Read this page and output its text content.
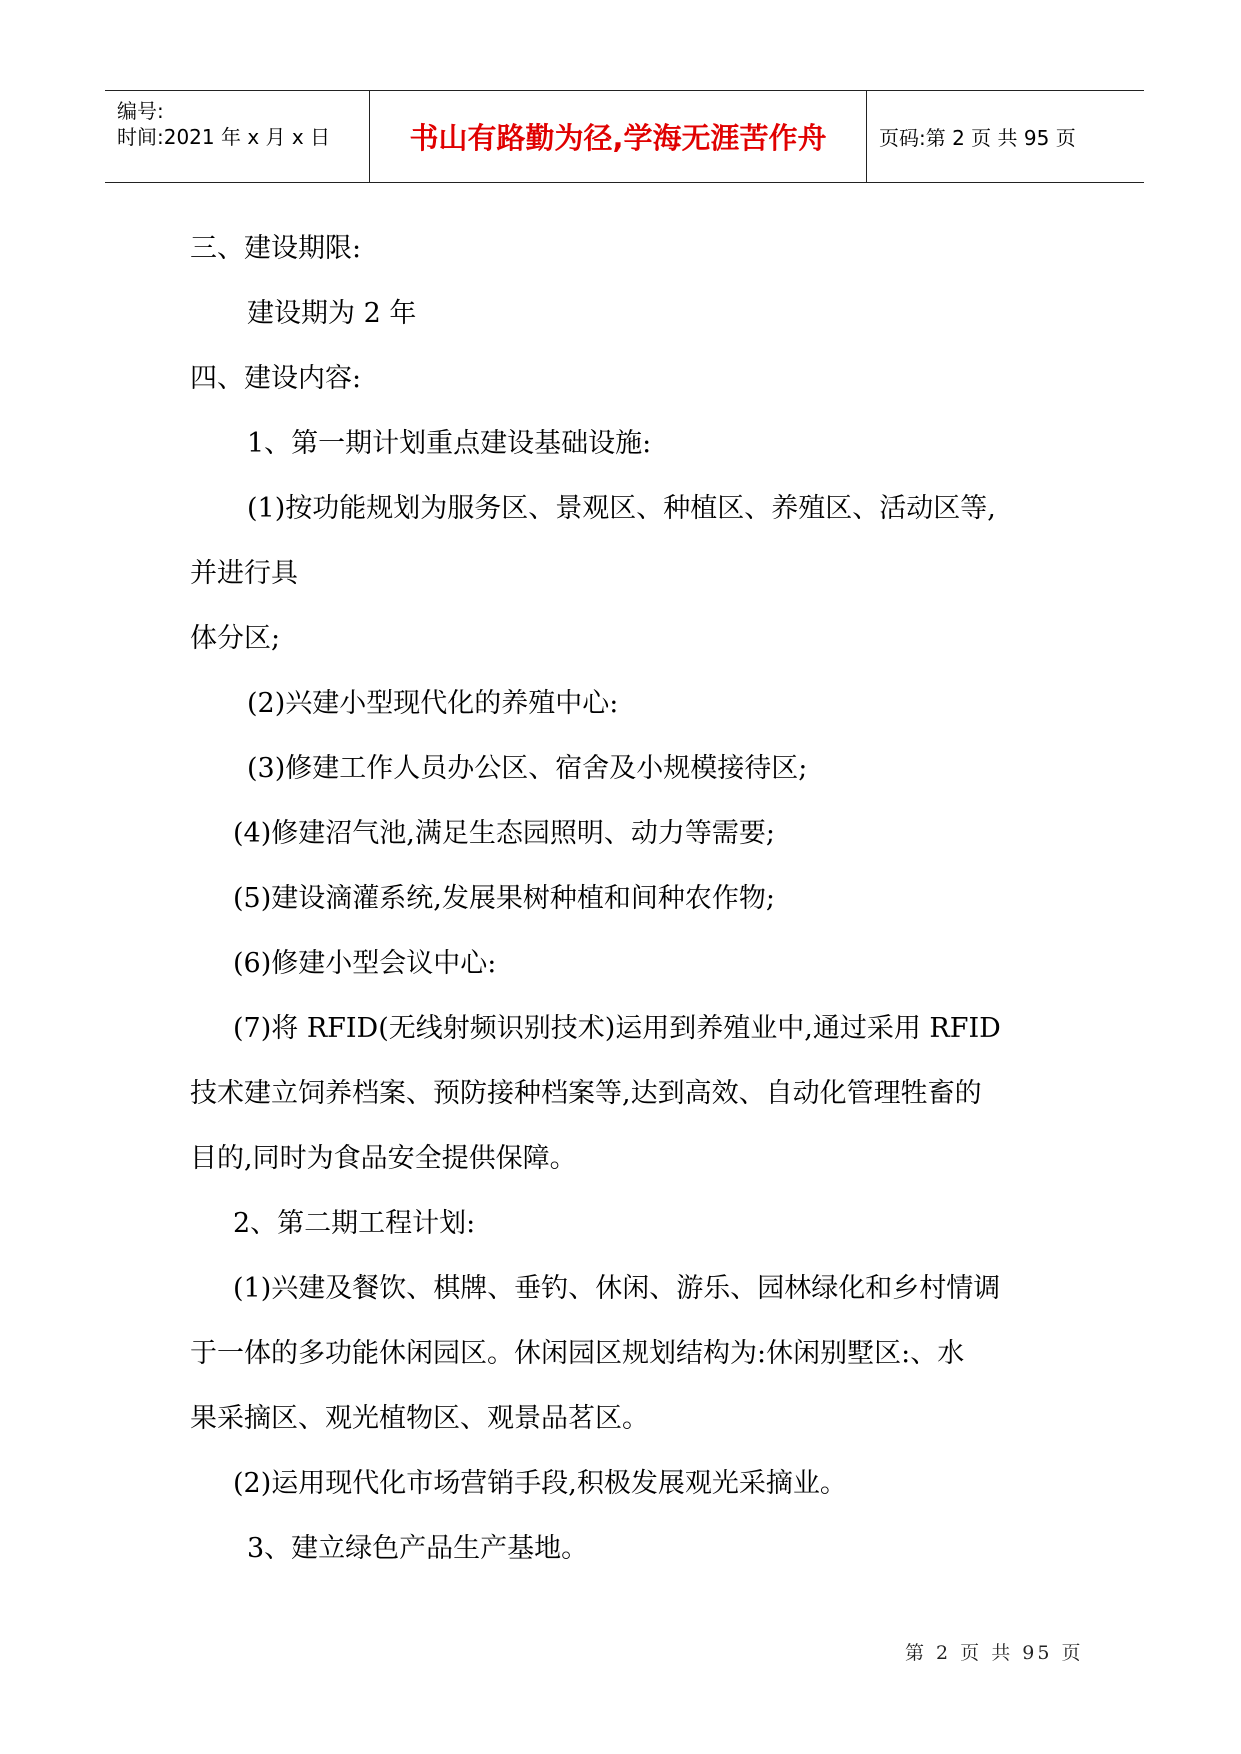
编号:
时间:2021 年 x 月 x 日	书山有路勤为径,学海无涯苦作舟	页码:第 2 页 共 95 页
三、建设期限:
建设期为 2 年
四、建设内容:
1、第一期计划重点建设基础设施:
(1)按功能规划为服务区、景观区、种植区、养殖区、活动区等,
并进行具
体分区;
(2)兴建小型现代化的养殖中心:
(3)修建工作人员办公区、宿舍及小规模接待区;
(4)修建沼气池,满足生态园照明、动力等需要;
(5)建设滴灌系统,发展果树种植和间种农作物;
(6)修建小型会议中心:
(7)将 RFID(无线射频识别技术)运用到养殖业中,通过采用 RFID
技术建立饲养档案、预防接种档案等,达到高效、自动化管理牲畜的
目的,同时为食品安全提供保障。
2、第二期工程计划:
(1)兴建及餐饮、棋牌、垂钓、休闲、游乐、园林绿化和乡村情调
于一体的多功能休闲园区。休闲园区规划结构为:休闲别墅区:、水
果采摘区、观光植物区、观景品茗区。
(2)运用现代化市场营销手段,积极发展观光采摘业。
3、建立绿色产品生产基地。
第 2 页 共 95 页
